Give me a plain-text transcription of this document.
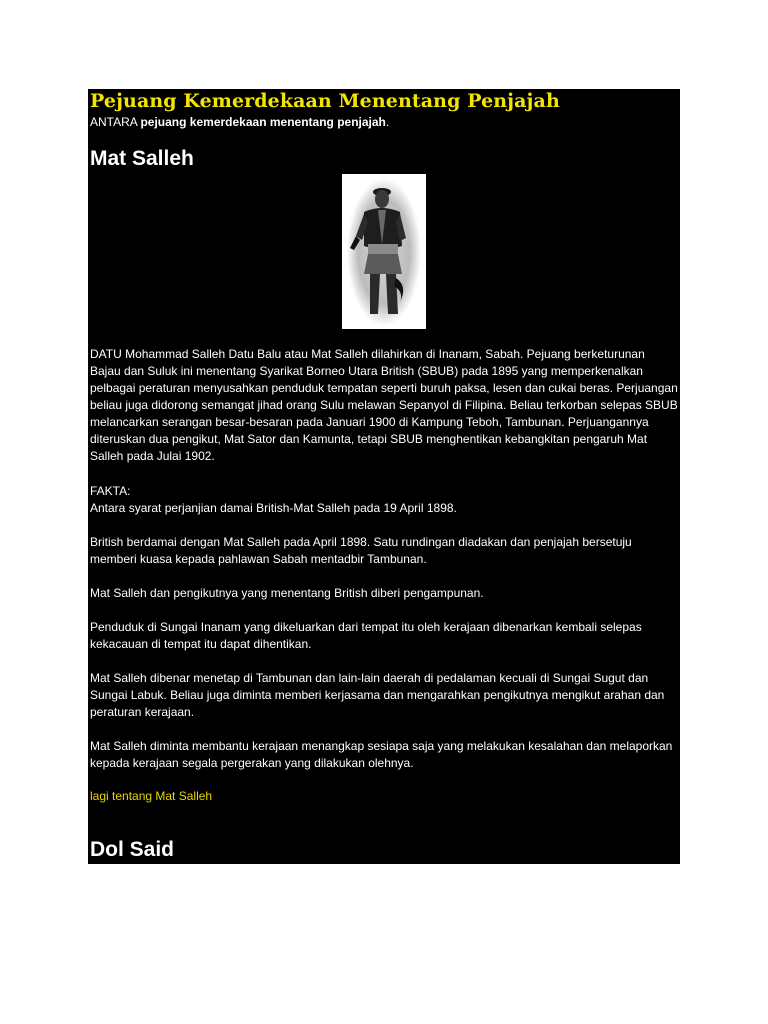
Pejuang Kemerdekaan Menentang Penjajah
ANTARA pejuang kemerdekaan menentang penjajah.
Mat Salleh

DATU Mohammad Salleh Datu Balu atau Mat Salleh dilahirkan di Inanam, Sabah. Pejuang berketurunan Bajau dan Suluk ini menentang Syarikat Borneo Utara British (SBUB) pada 1895 yang memperkenalkan pelbagai peraturan menyusahkan penduduk tempatan seperti buruh paksa, lesen dan cukai beras. Perjuangan beliau juga didorong semangat jihad orang Sulu melawan Sepanyol di Filipina. Beliau terkorban selepas SBUB melancarkan serangan besar-besaran pada Januari 1900 di Kampung Teboh, Tambunan. Perjuangannya diteruskan dua pengikut, Mat Sator dan Kamunta, tetapi SBUB menghentikan kebangkitan pengaruh Mat Salleh pada Julai 1902.

FAKTA:

Antara syarat perjanjian damai British-Mat Salleh pada 19 April 1898.

British berdamai dengan Mat Salleh pada April 1898. Satu rundingan diadakan dan penjajah bersetuju memberi kuasa kepada pahlawan Sabah mentadbir Tambunan.

Mat Salleh dan pengikutnya yang menentang British diberi pengampunan.

Penduduk di Sungai Inanam yang dikeluarkan dari tempat itu oleh kerajaan dibenarkan kembali selepas kekacauan di tempat itu dapat dihentikan.

Mat Salleh dibenar menetap di Tambunan dan lain-lain daerah di pedalaman kecuali di Sungai Sugut dan Sungai Labuk. Beliau juga diminta memberi kerjasama dan mengarahkan pengikutnya mengikut arahan dan peraturan kerajaan.

Mat Salleh diminta membantu kerajaan menangkap sesiapa saja yang melakukan kesalahan dan melaporkan kepada kerajaan segala pergerakan yang dilakukan olehnya.

lagi tentang Mat Salleh
Dol Said
